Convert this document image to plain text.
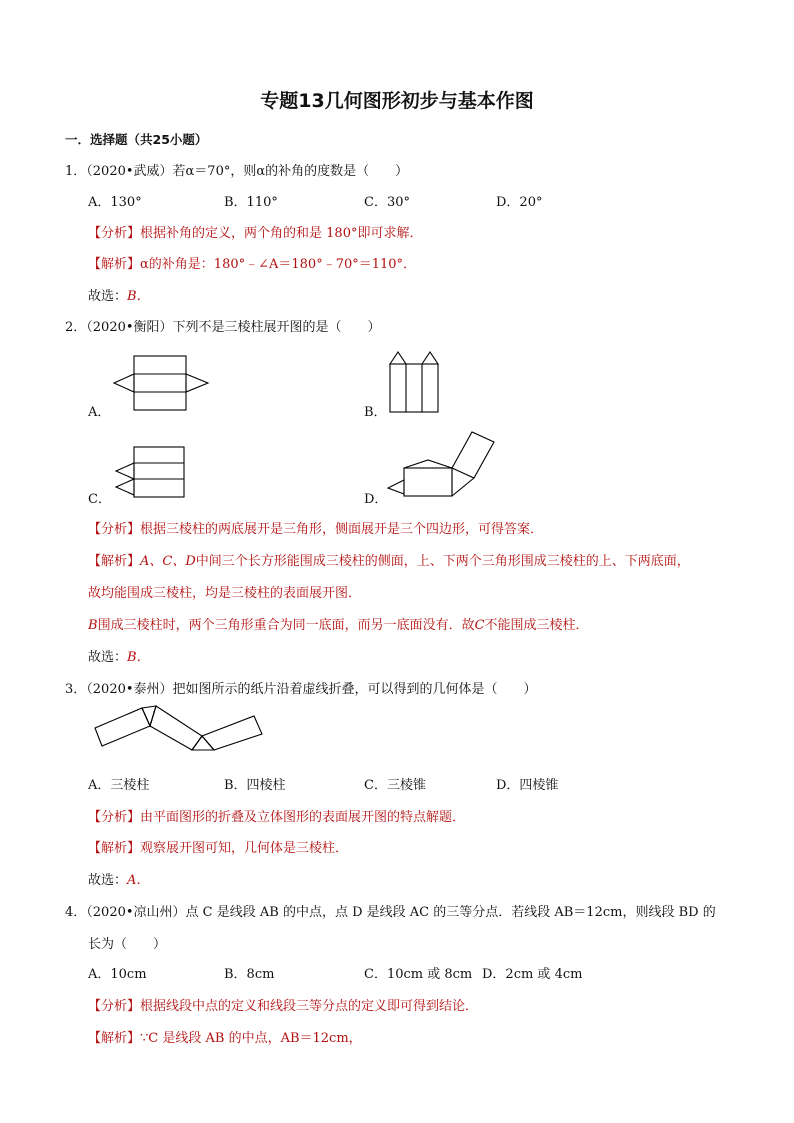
专题13几何图形初步与基本作图
一．选择题（共25小题）
1．（2020•武威）若α＝70°，则α的补角的度数是（　　）
A．130°	B．110°	C．30°	D．20°
【分析】根据补角的定义，两个角的和是 180°即可求解．
【解析】α的补角是：180°﹣∠A＝180°﹣70°＝110°．
故选：B．
2．（2020•衡阳）下列不是三棱柱展开图的是（　　）
A．	B．
C．	D．
【分析】根据三棱柱的两底展开是三角形，侧面展开是三个四边形，可得答案．
【解析】A、C、D中间三个长方形能围成三棱柱的侧面，上、下两个三角形围成三棱柱的上、下两底面，
故均能围成三棱柱，均是三棱柱的表面展开图．
B围成三棱柱时，两个三角形重合为同一底面，而另一底面没有．故C不能围成三棱柱．
故选：B．
3．（2020•泰州）把如图所示的纸片沿着虚线折叠，可以得到的几何体是（　　）
A．三棱柱	B．四棱柱	C．三棱锥	D．四棱锥
【分析】由平面图形的折叠及立体图形的表面展开图的特点解题．
【解析】观察展开图可知，几何体是三棱柱．
故选：A．
4．（2020•凉山州）点 C 是线段 AB 的中点，点 D 是线段 AC 的三等分点．若线段 AB＝12cm，则线段 BD 的
长为（　　）
A．10cm	B．8cm	C．10cm 或 8cm D．2cm 或 4cm
【分析】根据线段中点的定义和线段三等分点的定义即可得到结论．
【解析】∵C 是线段 AB 的中点，AB＝12cm，
